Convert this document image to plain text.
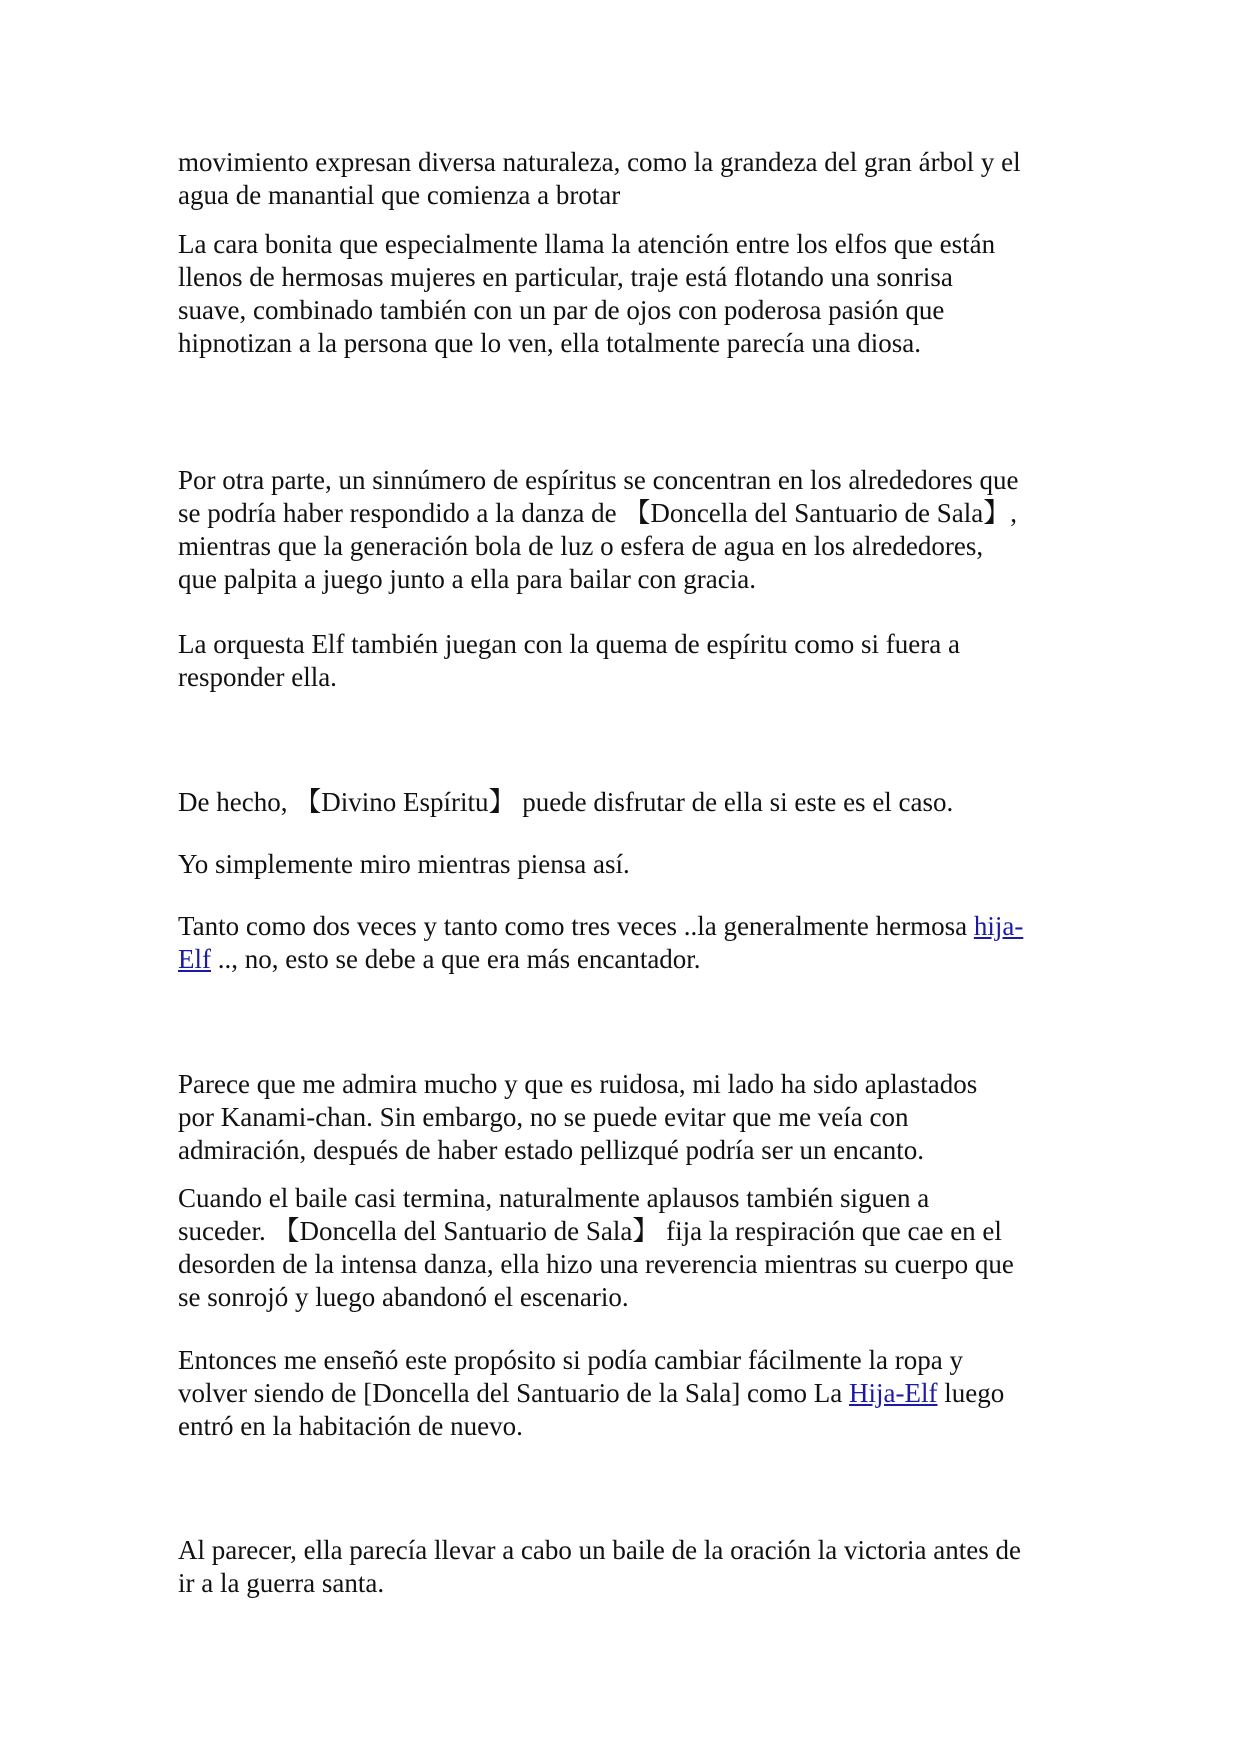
movimiento expresan diversa naturaleza, como la grandeza del gran árbol y el
agua de manantial que comienza a brotar

La cara bonita que especialmente llama la atención entre los elfos que están
llenos de hermosas mujeres en particular, traje está flotando una sonrisa
suave, combinado también con un par de ojos con poderosa pasión que
hipnotizan a la persona que lo ven, ella totalmente parecía una diosa.

Por otra parte, un sinnúmero de espíritus se concentran en los alrededores que
se podría haber respondido a la danza de 【Doncella del Santuario de Sala】,
mientras que la generación bola de luz o esfera de agua en los alrededores,
que palpita a juego junto a ella para bailar con gracia.

La orquesta Elf también juegan con la quema de espíritu como si fuera a
responder ella.

De hecho, 【Divino Espíritu】 puede disfrutar de ella si este es el caso.

Yo simplemente miro mientras piensa así.

Tanto como dos veces y tanto como tres veces ..la generalmente hermosa hija-
Elf .., no, esto se debe a que era más encantador.

Parece que me admira mucho y que es ruidosa, mi lado ha sido aplastados
por Kanami-chan. Sin embargo, no se puede evitar que me veía con
admiración, después de haber estado pellizqué podría ser un encanto.

Cuando el baile casi termina, naturalmente aplausos también siguen a
suceder. 【Doncella del Santuario de Sala】 fija la respiración que cae en el
desorden de la intensa danza, ella hizo una reverencia mientras su cuerpo que
se sonrojó y luego abandonó el escenario.

Entonces me enseñó este propósito si podía cambiar fácilmente la ropa y
volver siendo de [Doncella del Santuario de la Sala] como La Hija-Elf luego
entró en la habitación de nuevo.

Al parecer, ella parecía llevar a cabo un baile de la oración la victoria antes de
ir a la guerra santa.
